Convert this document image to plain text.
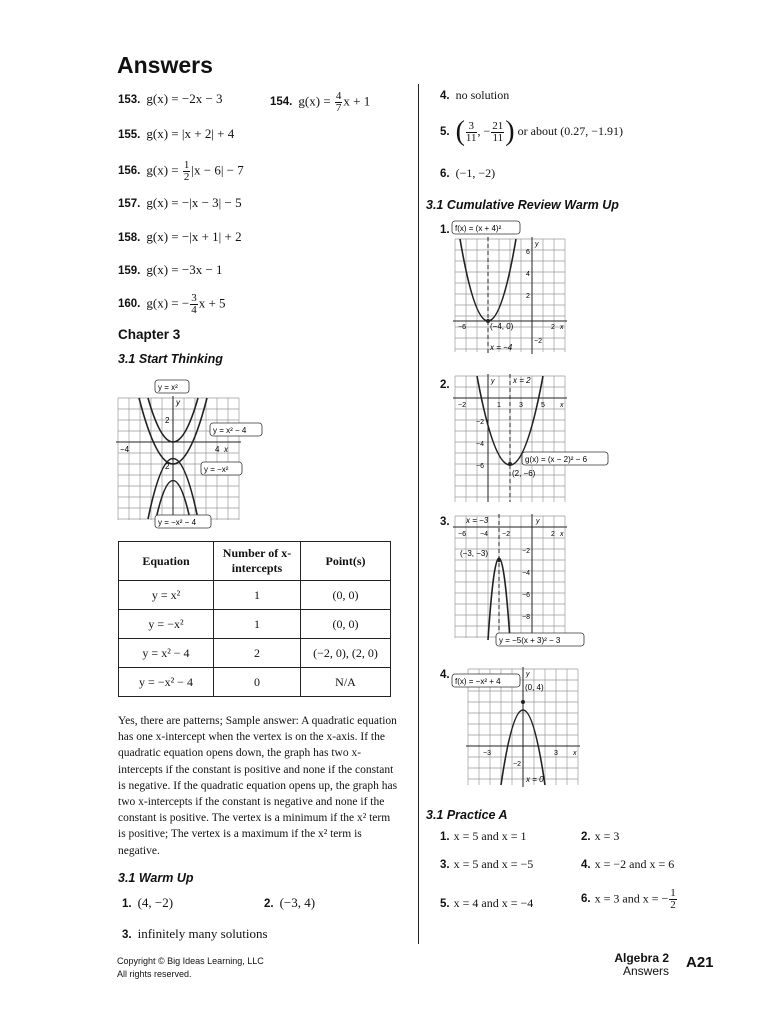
Answers
153. g(x) = −2x − 3	154. $g(x) = \frac{4}{7}$ x + 1
155. g(x) = |x + 2| + 4
156. $g(x) = \frac{1}{2} |x - 6| - 7$
157. g(x) = −|x − 3| − 5
158. g(x) = −|x + 1| + 2
159. g(x) = −3x − 1
160. g(x) = − $\frac{3}{4}$ x + 5
Chapter 3
3.1 Start Thinking
−4	4 x
y
2
2
y = x²
y = x² − 4
y = −x²
y = −x² − 4
Equation	Number of x-intercepts	Point(s)
y = x²	1	(0, 0)
y = −x²	1	(0, 0)
y = x² − 4	2	(−2, 0), (2, 0)
y = −x² − 4	0	N/A
Yes, there are patterns; Sample answer: A quadratic equation has one x-intercept when the vertex is on the x-axis. If the quadratic equation opens down, the graph has two x-intercepts if the constant is positive and none if the constant is negative. If the quadratic equation opens up, the graph has two x-intercepts if the constant is negative and none if the constant is positive. The vertex is a minimum if the x² term is positive; The vertex is a maximum if the x² term is negative.
3.1 Warm Up
1. (4, −2)	2. (−3, 4)
3. infinitely many solutions
4. no solution
5. ( $\frac{3}{11}$ , − $\frac{21}{11}$ ) or about (0.27, −1.91)
6. (−1, −2)
3.1 Cumulative Review Warm Up
1. f(x) = (x + 4)²
(−4, 0)
x = −4
−6	2 x
y
6
4
2
−2
2.
g(x) = (x − 2)² − 6
(2, −6)
x = 2
−2	1	3	5 x
y
−2
−4
−6
3.
y = −5(x + 3)² − 3
(−3, −3)
x = −3
−6 −4 −2	2 x
y
−2
−4
−6
−8
4.
f(x) = −x² + 4
(0, 4)
x = 0
−3	3 x
y
−2
3.1 Practice A
1. x = 5 and x = 1	2. x = 3
3. x = 5 and x = −5	4. x = −2 and x = 6
5. x = 4 and x = −4	6. x = 3 and x = − $\frac{1}{2}$
Copyright © Big Ideas Learning, LLC
All rights reserved.
Algebra 2
Answers A21
